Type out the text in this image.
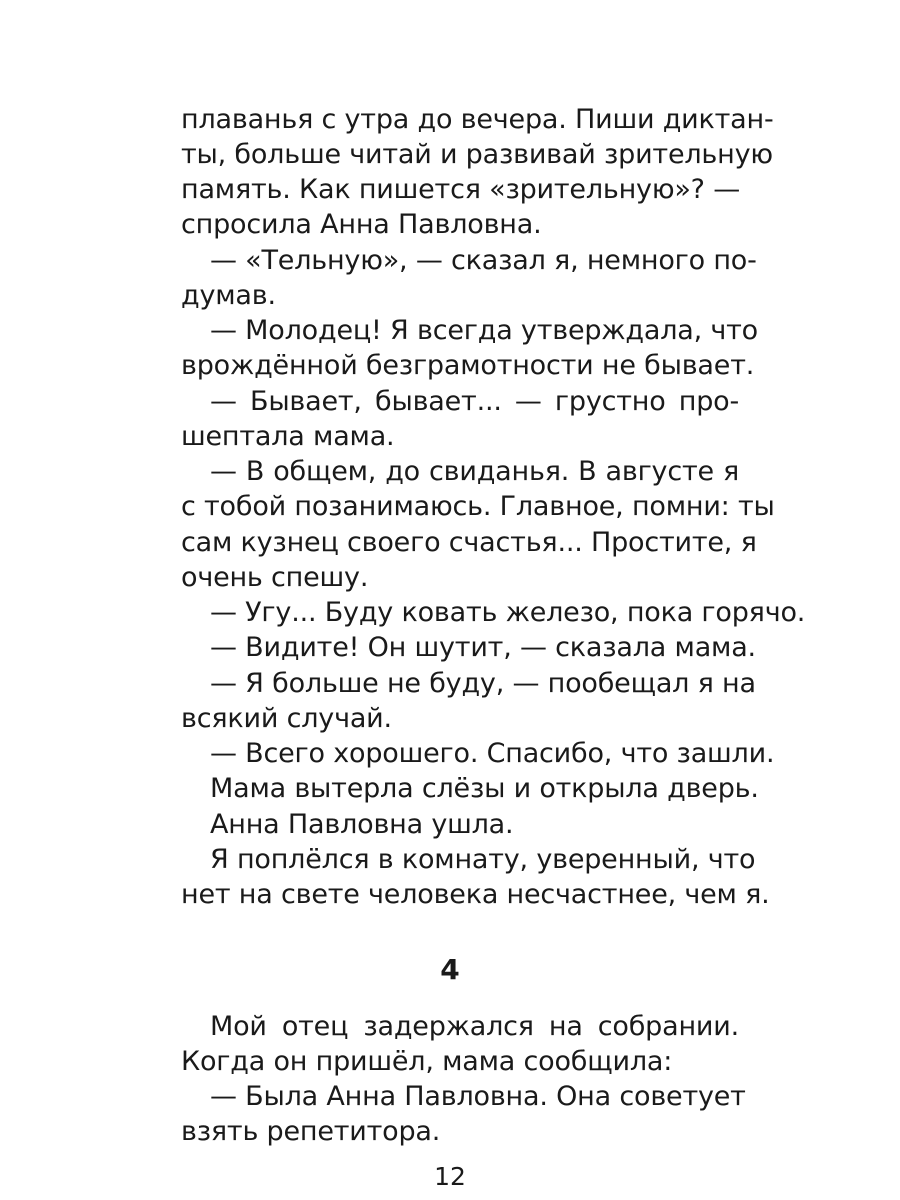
плаванья с утра до вечера. Пиши диктан-
ты, больше читай и развивай зрительную
память. Как пишется «зрительную»? —
спросила Анна Павловна.
— «Тельную», — сказал я, немного по-
думав.
— Молодец! Я всегда утверждала, что
врождённой безграмотности не бывает.
— Бывает, бывает... — грустно про-
шептала мама.
— В общем, до свиданья. В августе я
с тобой позанимаюсь. Главное, помни: ты
сам кузнец своего счастья... Простите, я
очень спешу.
— Угу... Буду ковать железо, пока горячо.
— Видите! Он шутит, — сказала мама.
— Я больше не буду, — пообещал я на
всякий случай.
— Всего хорошего. Спасибо, что зашли.
Мама вытерла слёзы и открыла дверь.
Анна Павловна ушла.
Я поплёлся в комнату, уверенный, что
нет на свете человека несчастнее, чем я.
4
Мой отец задержался на собрании.
Когда он пришёл, мама сообщила:
— Была Анна Павловна. Она советует
взять репетитора.
12
